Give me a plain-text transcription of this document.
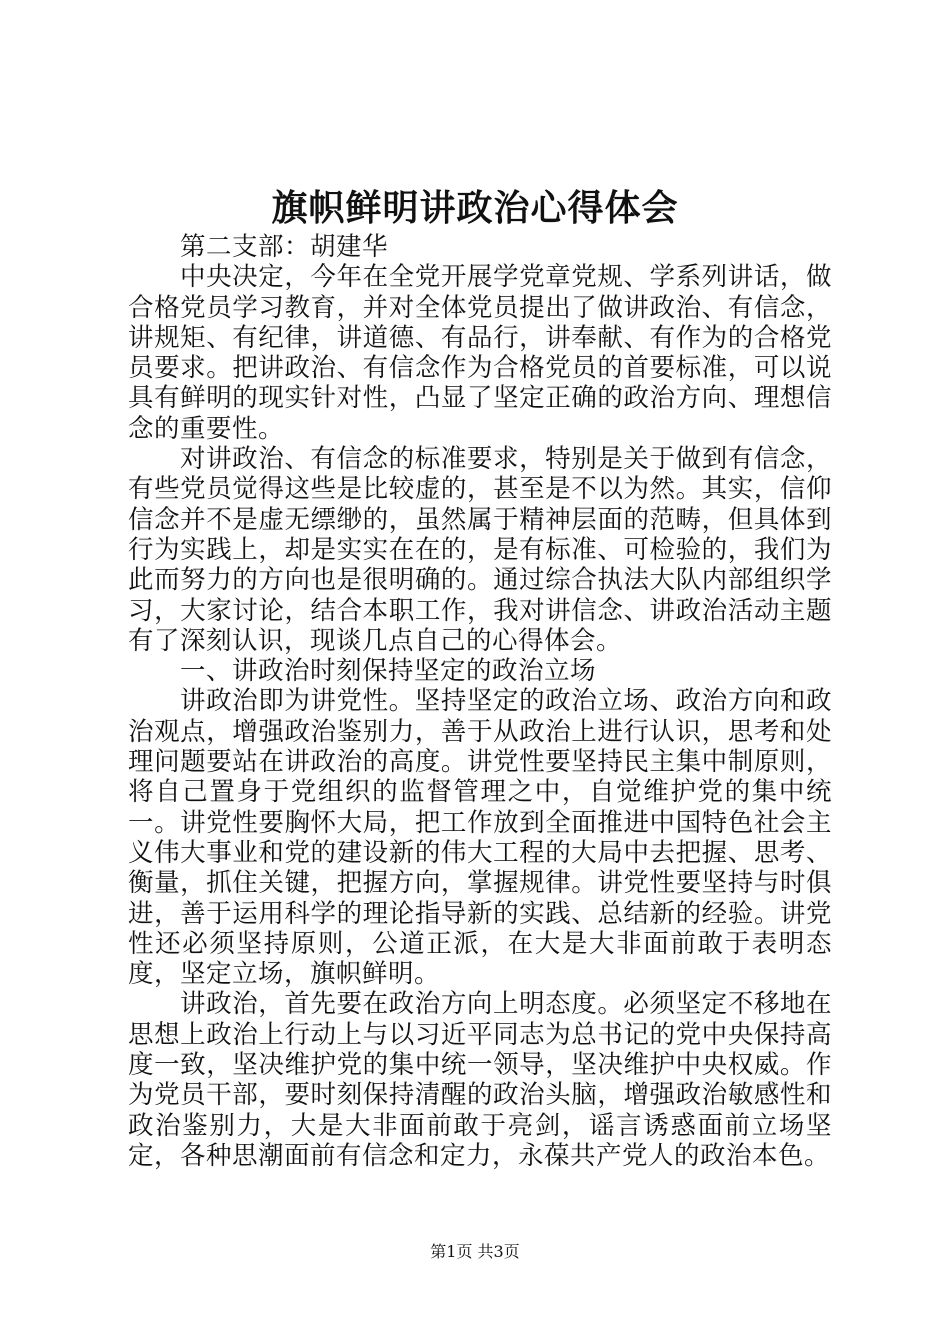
旗帜鲜明讲政治心得体会

第二支部：胡建华

中央决定，今年在全党开展学党章党规、学系列讲话，做合格党员学习教育，并对全体党员提出了做讲政治、有信念，讲规矩、有纪律，讲道德、有品行，讲奉献、有作为的合格党员要求。把讲政治、有信念作为合格党员的首要标准，可以说具有鲜明的现实针对性，凸显了坚定正确的政治方向、理想信念的重要性。

对讲政治、有信念的标准要求，特别是关于做到有信念，有些党员觉得这些是比较虚的，甚至是不以为然。其实，信仰信念并不是虚无缥缈的，虽然属于精神层面的范畴，但具体到行为实践上，却是实实在在的，是有标准、可检验的，我们为此而努力的方向也是很明确的。通过综合执法大队内部组织学习，大家讨论，结合本职工作，我对讲信念、讲政治活动主题有了深刻认识，现谈几点自己的心得体会。

一、讲政治时刻保持坚定的政治立场

讲政治即为讲党性。坚持坚定的政治立场、政治方向和政治观点，增强政治鉴别力，善于从政治上进行认识，思考和处理问题要站在讲政治的高度。讲党性要坚持民主集中制原则，将自己置身于党组织的监督管理之中，自觉维护党的集中统一。讲党性要胸怀大局，把工作放到全面推进中国特色社会主义伟大事业和党的建设新的伟大工程的大局中去把握、思考、衡量，抓住关键，把握方向，掌握规律。讲党性要坚持与时俱进，善于运用科学的理论指导新的实践、总结新的经验。讲党性还必须坚持原则，公道正派，在大是大非面前敢于表明态度，坚定立场，旗帜鲜明。

讲政治，首先要在政治方向上明态度。必须坚定不移地在思想上政治上行动上与以习近平同志为总书记的党中央保持高度一致，坚决维护党的集中统一领导，坚决维护中央权威。作为党员干部，要时刻保持清醒的政治头脑，增强政治敏感性和政治鉴别力，大是大非面前敢于亮剑，谣言诱惑面前立场坚定，各种思潮面前有信念和定力，永葆共产党人的政治本色。

第1页 共3页
